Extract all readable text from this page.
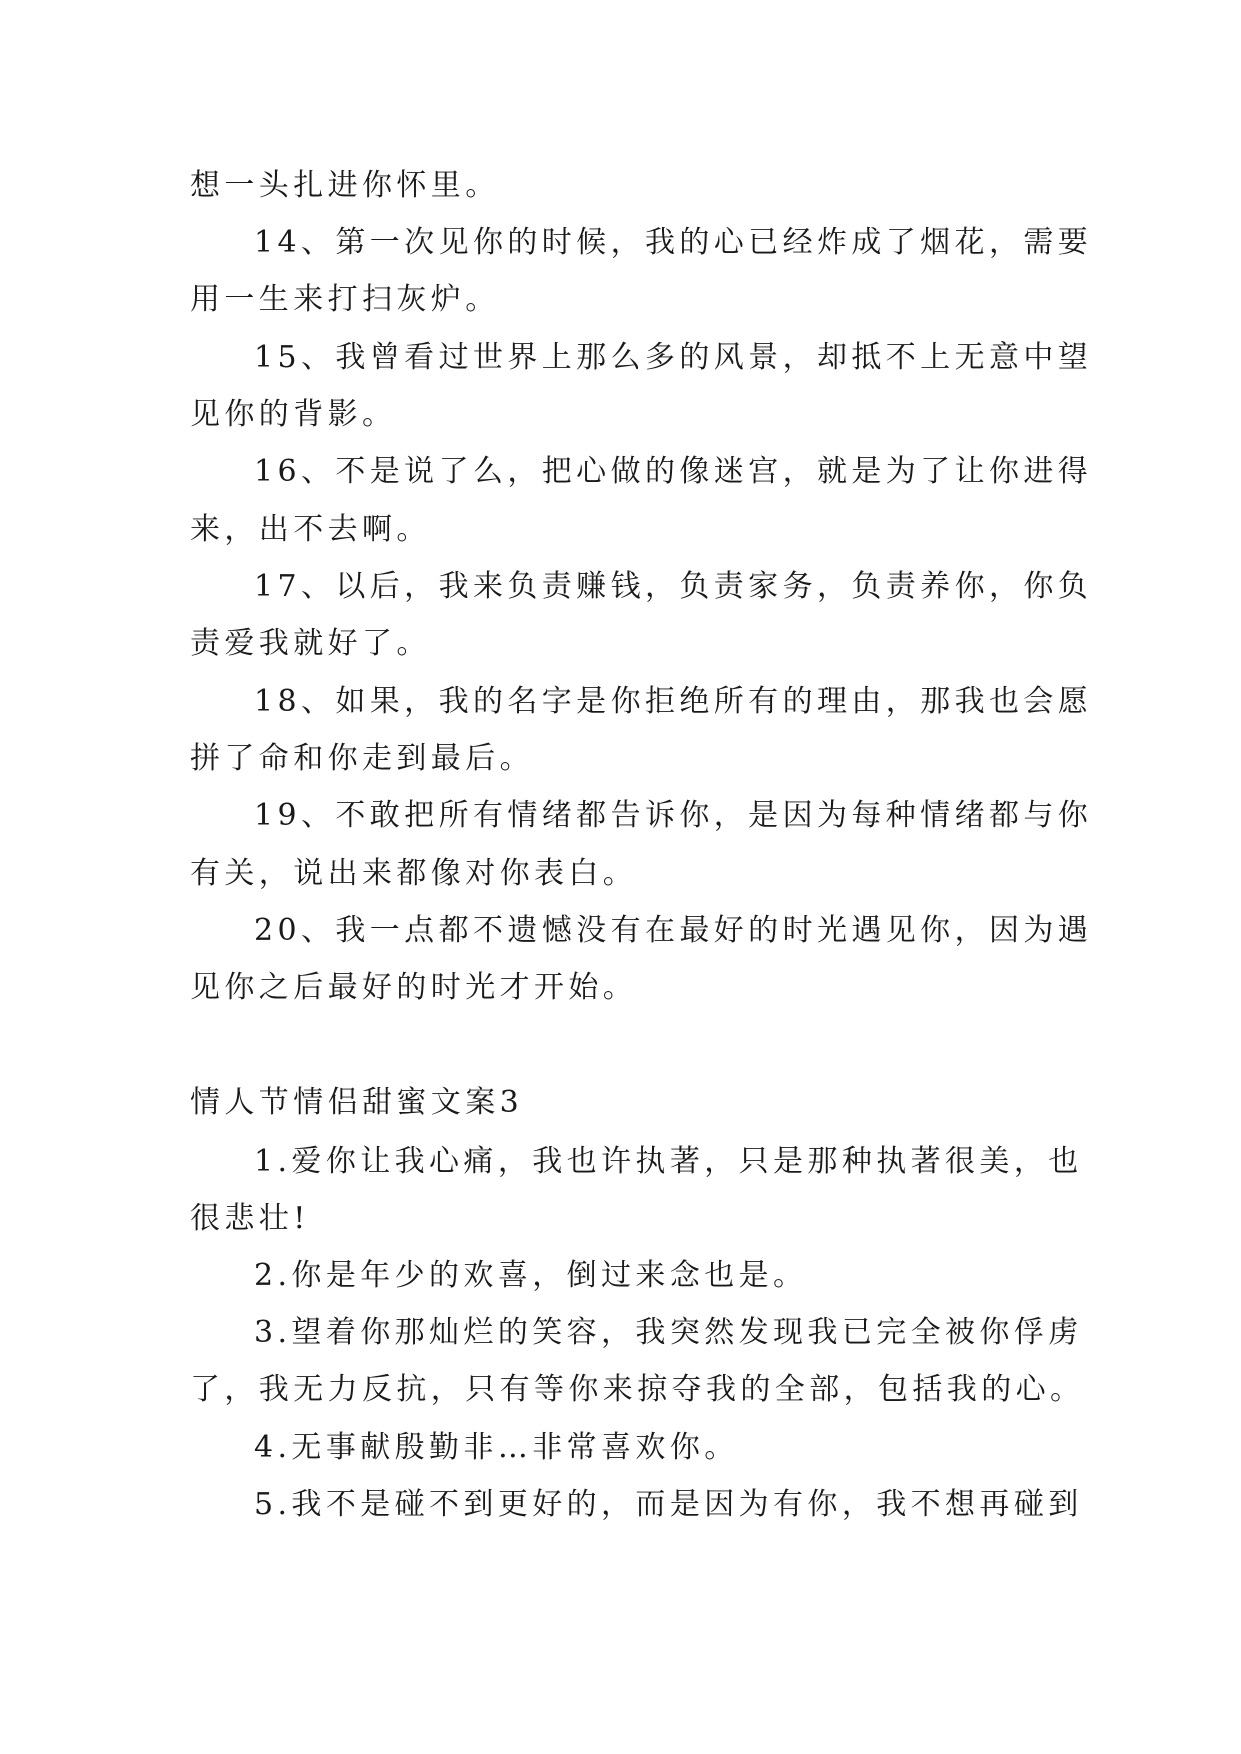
想一头扎进你怀里。
14、第一次见你的时候，我的心已经炸成了烟花，需要
用一生来打扫灰炉。
15、我曾看过世界上那么多的风景，却抵不上无意中望
见你的背影。
16、不是说了么，把心做的像迷宫，就是为了让你进得
来，出不去啊。
17、以后，我来负责赚钱，负责家务，负责养你，你负
责爱我就好了。
18、如果，我的名字是你拒绝所有的理由，那我也会愿
拼了命和你走到最后。
19、不敢把所有情绪都告诉你，是因为每种情绪都与你
有关，说出来都像对你表白。
20、我一点都不遗憾没有在最好的时光遇见你，因为遇
见你之后最好的时光才开始。
情人节情侣甜蜜文案3
1.爱你让我心痛，我也许执著，只是那种执著很美，也
很悲壮!
2.你是年少的欢喜，倒过来念也是。
3.望着你那灿烂的笑容，我突然发现我已完全被你俘虏
了，我无力反抗，只有等你来掠夺我的全部，包括我的心。
4.无事献殷勤非…非常喜欢你。
5.我不是碰不到更好的，而是因为有你，我不想再碰到
